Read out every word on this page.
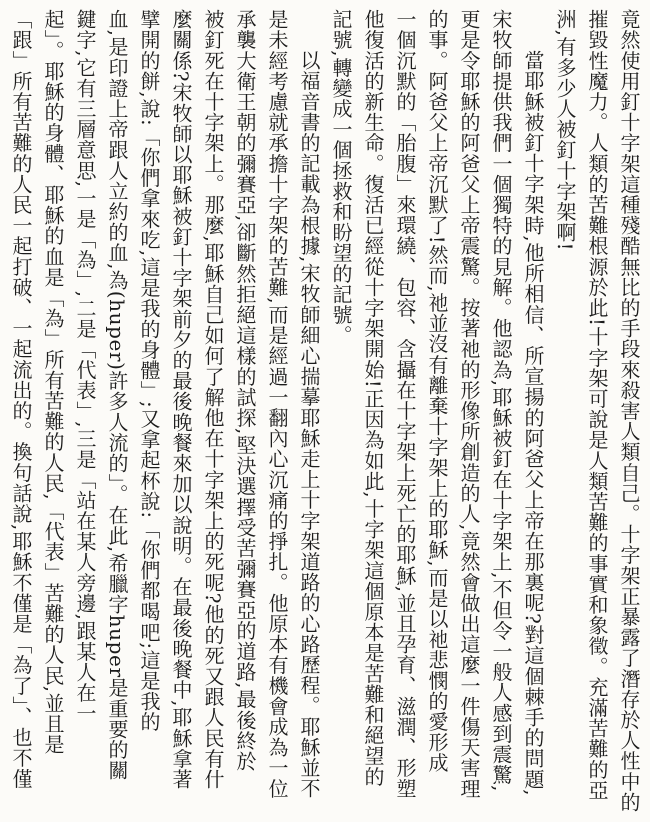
竟然使用釘十字架這種殘酷無比的手段來殺害人類自己。十字架正暴露了潛存於人性中的
摧毀性魔力。人類的苦難根源於此!十字架可說是人類苦難的事實和象徵。充滿苦難的亞
洲,有多少人被釘十字架啊!
當耶穌被釘十字架時,他所相信、所宣揚的阿爸父上帝在那裏呢?對這個棘手的問題,
宋牧師提供我們一個獨特的見解。他認為,耶穌被釘在十字架上,不但令一般人感到震驚,
更是令耶穌的阿爸父上帝震驚。按著祂的形像所創造的人,竟然會做出這麼一件傷天害理
的事。阿爸父上帝沉默了!然而,祂並沒有離棄十字架上的耶穌,而是以祂悲憫的愛形成
一個沉默的「胎腹」來環繞、包容、含攝在十字架上死亡的耶穌,並且孕育、滋潤、形塑
他復活的新生命。復活已經從十字架開始!正因為如此,十字架這個原本是苦難和絕望的
記號,轉變成一個拯救和盼望的記號。
以福音書的記載為根據,宋牧師細心揣摹耶穌走上十字架道路的心路歷程。耶穌並不
是未經考慮就承擔十字架的苦難,而是經過一翻內心沉痛的掙扎。他原本有機會成為一位
承襲大衛王朝的彌賽亞,卻斷然拒絕這樣的試探,堅決選擇受苦彌賽亞的道路,最後終於
被釘死在十字架上。那麼,耶穌自己如何了解他在十字架上的死呢?他的死又跟人民有什
麼關係?宋牧師以耶穌被釘十字架前夕的最後晚餐來加以說明。在最後晚餐中,耶穌拿著
擘開的餅,說:「你們拿來吃,這是我的身體」;又拿起杯說:「你們都喝吧;這是我的
血,是印證上帝跟人立約的血,為(huper)許多人流的」。在此,希臘字huper是重要的關
鍵字,它有三層意思,一是「為」,二是「代表」,三是「站在某人旁邊,跟某人在一
起」。耶穌的身體、耶穌的血是「為」所有苦難的人民,「代表」苦難的人民,並且是
「跟」所有苦難的人民一起打破、一起流出的。換句話說,耶穌不僅是「為了」、也不僅
